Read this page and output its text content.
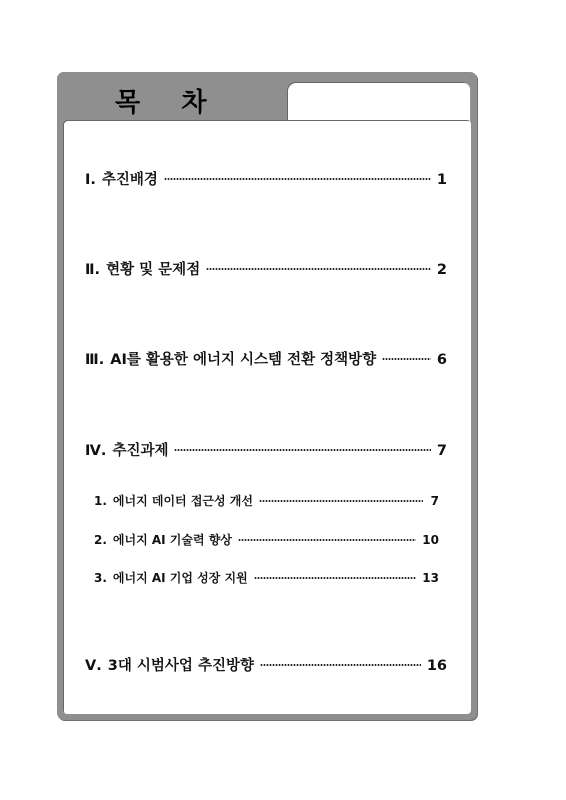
목    차
Ⅰ. 추진배경	1
Ⅱ. 현황 및 문제점	2
Ⅲ. AI를 활용한 에너지 시스템 전환 정책방향	6
Ⅳ. 추진과제	7
1. 에너지 데이터 접근성 개선	7
2. 에너지 AI 기술력 향상	10
3. 에너지 AI 기업 성장 지원	13
Ⅴ. 3대 시범사업 추진방향	16
